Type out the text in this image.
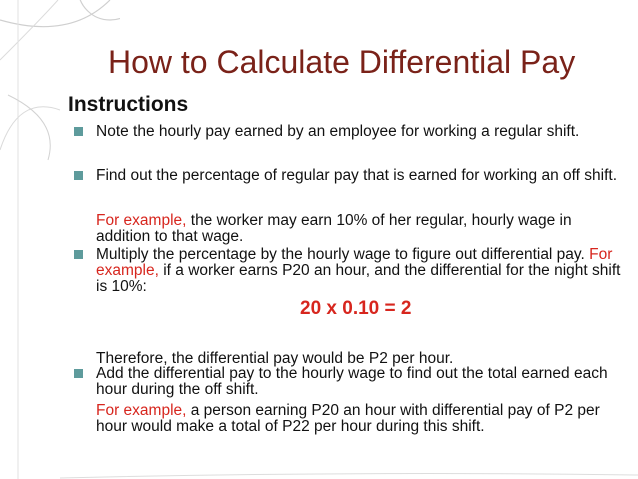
How to Calculate Differential Pay
Instructions
Note the hourly pay earned by an employee for working a regular shift.
Find out the percentage of regular pay that is earned for working an off shift.
For example, the worker may earn 10% of her regular, hourly wage in addition to that wage.
Multiply the percentage by the hourly wage to figure out differential pay. For example, if a worker earns P20 an hour, and the differential for the night shift is 10%:
20 x 0.10 = 2
Therefore, the differential pay would be P2 per hour.
Add the differential pay to the hourly wage to find out the total earned each hour during the off shift.
For example, a person earning P20 an hour with differential pay of P2 per hour would make a total of P22 per hour during this shift.
